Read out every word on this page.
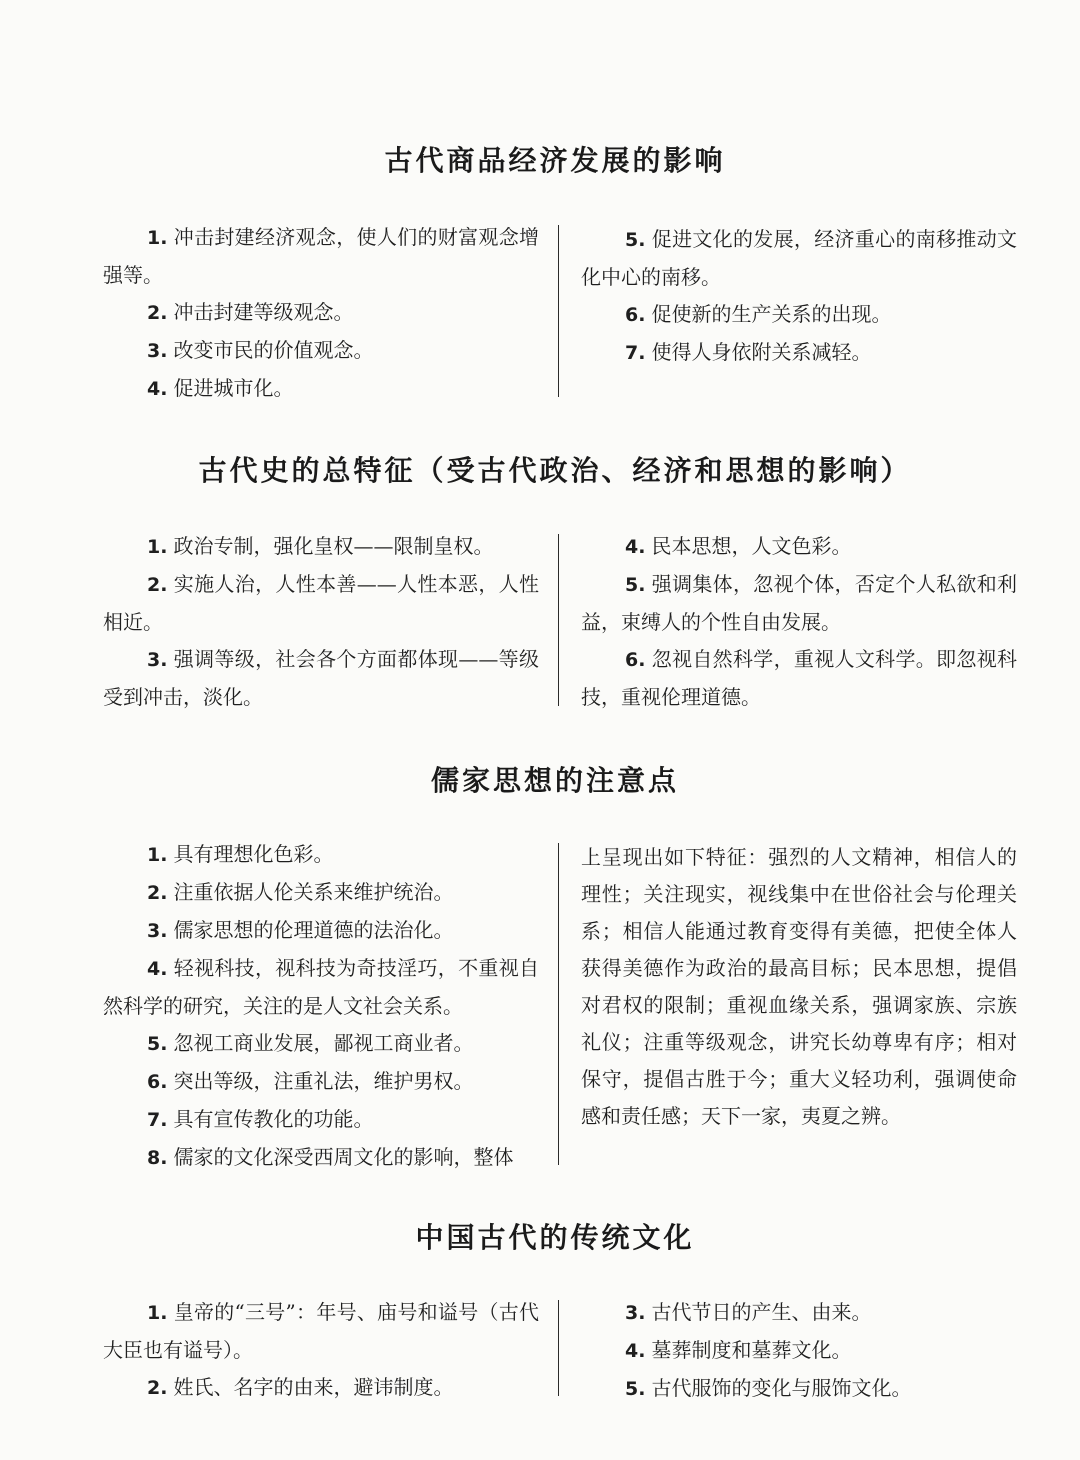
古代商品经济发展的影响

1. 冲击封建经济观念，使人们的财富观念增强等。

2. 冲击封建等级观念。

3. 改变市民的价值观念。

4. 促进城市化。

5. 促进文化的发展，经济重心的南移推动文化中心的南移。

6. 促使新的生产关系的出现。

7. 使得人身依附关系减轻。

古代史的总特征（受古代政治、经济和思想的影响）

1. 政治专制，强化皇权——限制皇权。

2. 实施人治，人性本善——人性本恶，人性相近。

3. 强调等级，社会各个方面都体现——等级受到冲击，淡化。

4. 民本思想，人文色彩。

5. 强调集体，忽视个体，否定个人私欲和利益，束缚人的个性自由发展。

6. 忽视自然科学，重视人文科学。即忽视科技，重视伦理道德。

儒家思想的注意点

1. 具有理想化色彩。

2. 注重依据人伦关系来维护统治。

3. 儒家思想的伦理道德的法治化。

4. 轻视科技，视科技为奇技淫巧，不重视自然科学的研究，关注的是人文社会关系。

5. 忽视工商业发展，鄙视工商业者。

6. 突出等级，注重礼法，维护男权。

7. 具有宣传教化的功能。

8. 儒家的文化深受西周文化的影响，整体

上呈现出如下特征：强烈的人文精神，相信人的理性；关注现实，视线集中在世俗社会与伦理关系；相信人能通过教育变得有美德，把使全体人获得美德作为政治的最高目标；民本思想，提倡对君权的限制；重视血缘关系，强调家族、宗族礼仪；注重等级观念，讲究长幼尊卑有序；相对保守，提倡古胜于今；重大义轻功利，强调使命感和责任感；天下一家，夷夏之辨。

中国古代的传统文化

1. 皇帝的“三号”：年号、庙号和谥号（古代大臣也有谥号）。

2. 姓氏、名字的由来，避讳制度。

3. 古代节日的产生、由来。

4. 墓葬制度和墓葬文化。

5. 古代服饰的变化与服饰文化。
